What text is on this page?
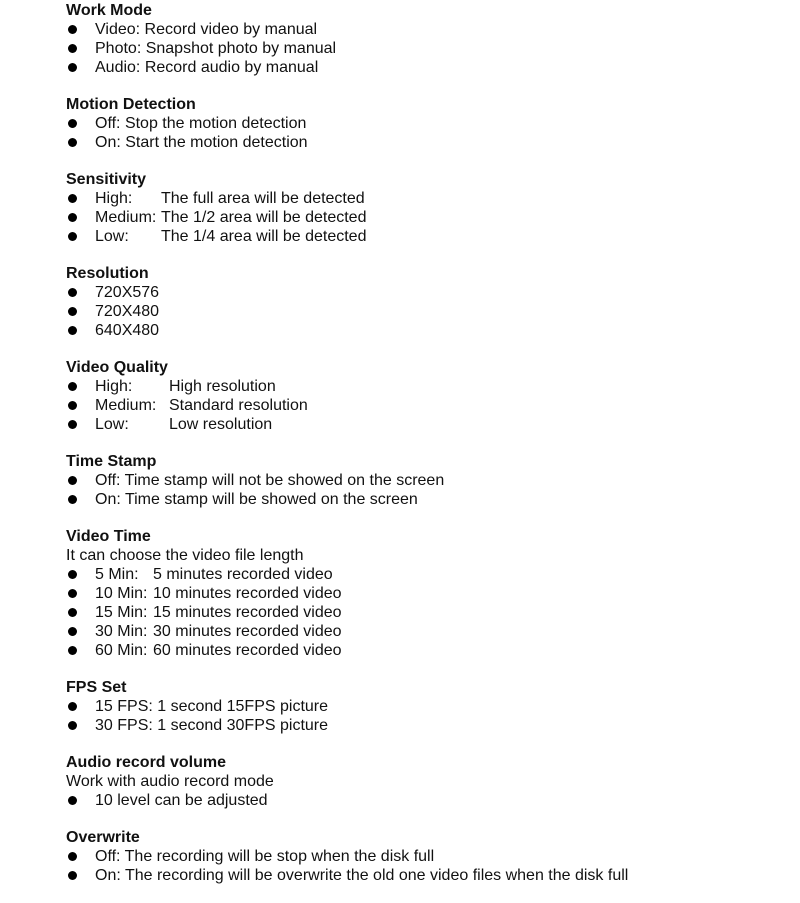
Work Mode
Video: Record video by manual
Photo: Snapshot photo by manual
Audio: Record audio by manual
Motion Detection
Off: Stop the motion detection
On: Start the motion detection
Sensitivity
High: The full area will be detected
Medium: The 1/2 area will be detected
Low: The 1/4 area will be detected
Resolution
720X576
720X480
640X480
Video Quality
High: High resolution
Medium: Standard resolution
Low:	Low resolution
Time Stamp
Off: Time stamp will not be showed on the screen
On: Time stamp will be showed on the screen
Video Time
It can choose the video file length
5 Min: 5 minutes recorded video
10 Min: 10 minutes recorded video
15 Min: 15 minutes recorded video
30 Min: 30 minutes recorded video
60 Min: 60 minutes recorded video
FPS Set
15 FPS: 1 second 15FPS picture
30 FPS: 1 second 30FPS picture
Audio record volume
Work with audio record mode
10 level can be adjusted
Overwrite
Off: The recording will be stop when the disk full
On: The recording will be overwrite the old one video files when the disk full
